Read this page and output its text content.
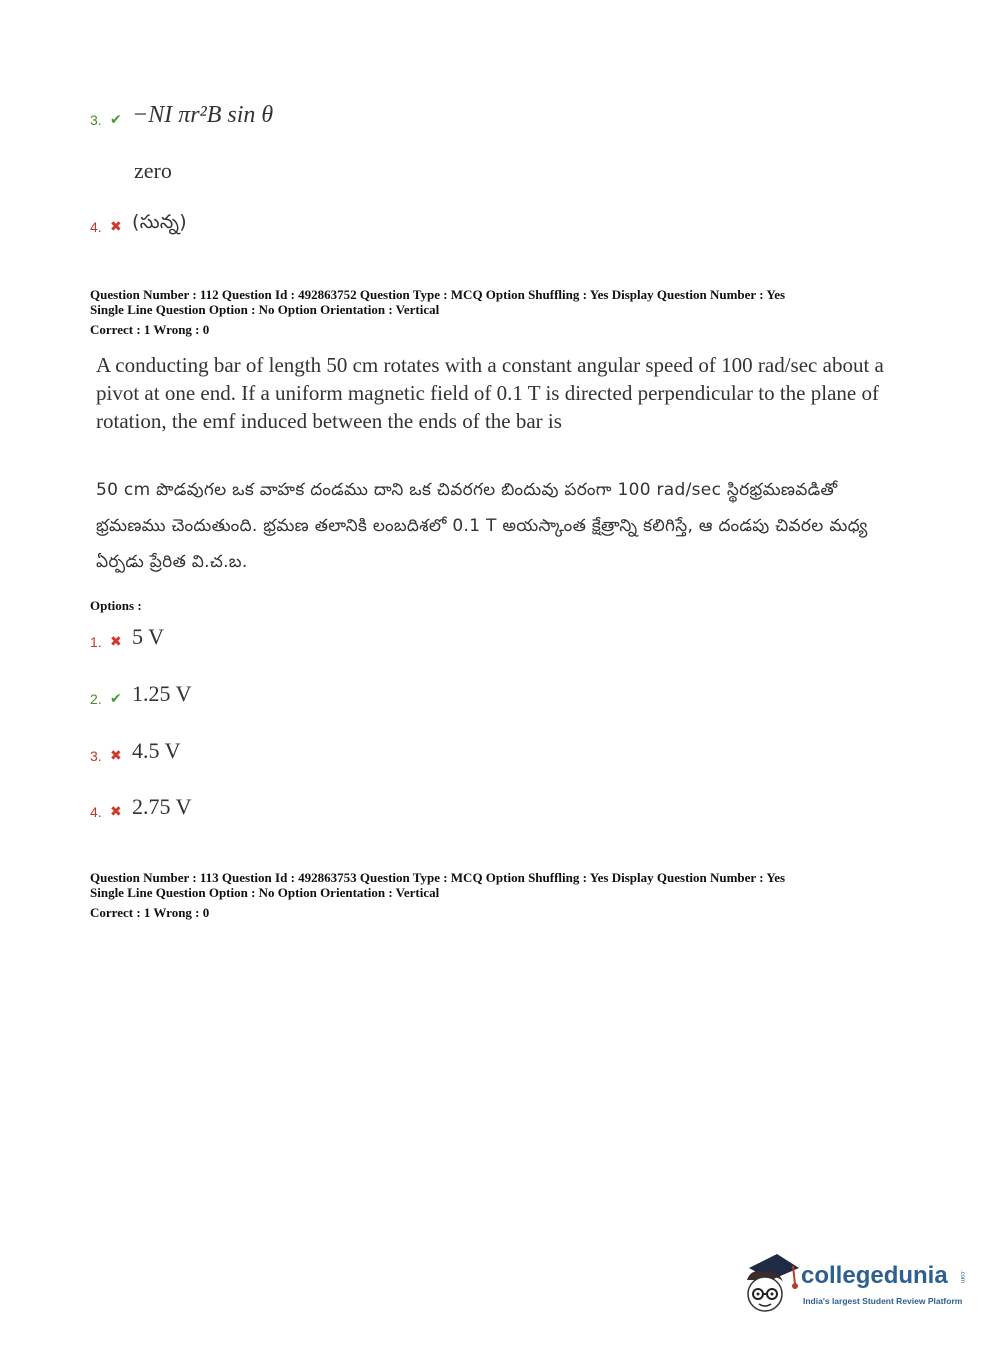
3. ✔ −NI πr²B sin θ
zero
4. ✖ (సున్న)
Question Number : 112 Question Id : 492863752 Question Type : MCQ Option Shuffling : Yes Display Question Number : Yes
Single Line Question Option : No Option Orientation : Vertical
Correct : 1 Wrong : 0
A conducting bar of length 50 cm rotates with a constant angular speed of 100 rad/sec about a pivot at one end. If a uniform magnetic field of 0.1 T is directed perpendicular to the plane of rotation, the emf induced between the ends of the bar is
50 cm పొడవుగల ఒక వాహక దండము దాని ఒక చివరగల బిందువు పరంగా 100 rad/sec స్థిరభ్రమణవడితో భ్రమణము చెందుతుంది. భ్రమణ తలానికి లంబదిశలో 0.1 T అయస్కాంత క్షేత్రాన్ని కలిగిస్తే, ఆ దండపు చివరల మధ్య ఏర్పడు ప్రేరిత వి.చ.బ.
Options :
1. ✖ 5 V
2. ✔ 1.25 V
3. ✖ 4.5 V
4. ✖ 2.75 V
Question Number : 113 Question Id : 492863753 Question Type : MCQ Option Shuffling : Yes Display Question Number : Yes
Single Line Question Option : No Option Orientation : Vertical
Correct : 1 Wrong : 0
collegedunia .com
India's largest Student Review Platform
